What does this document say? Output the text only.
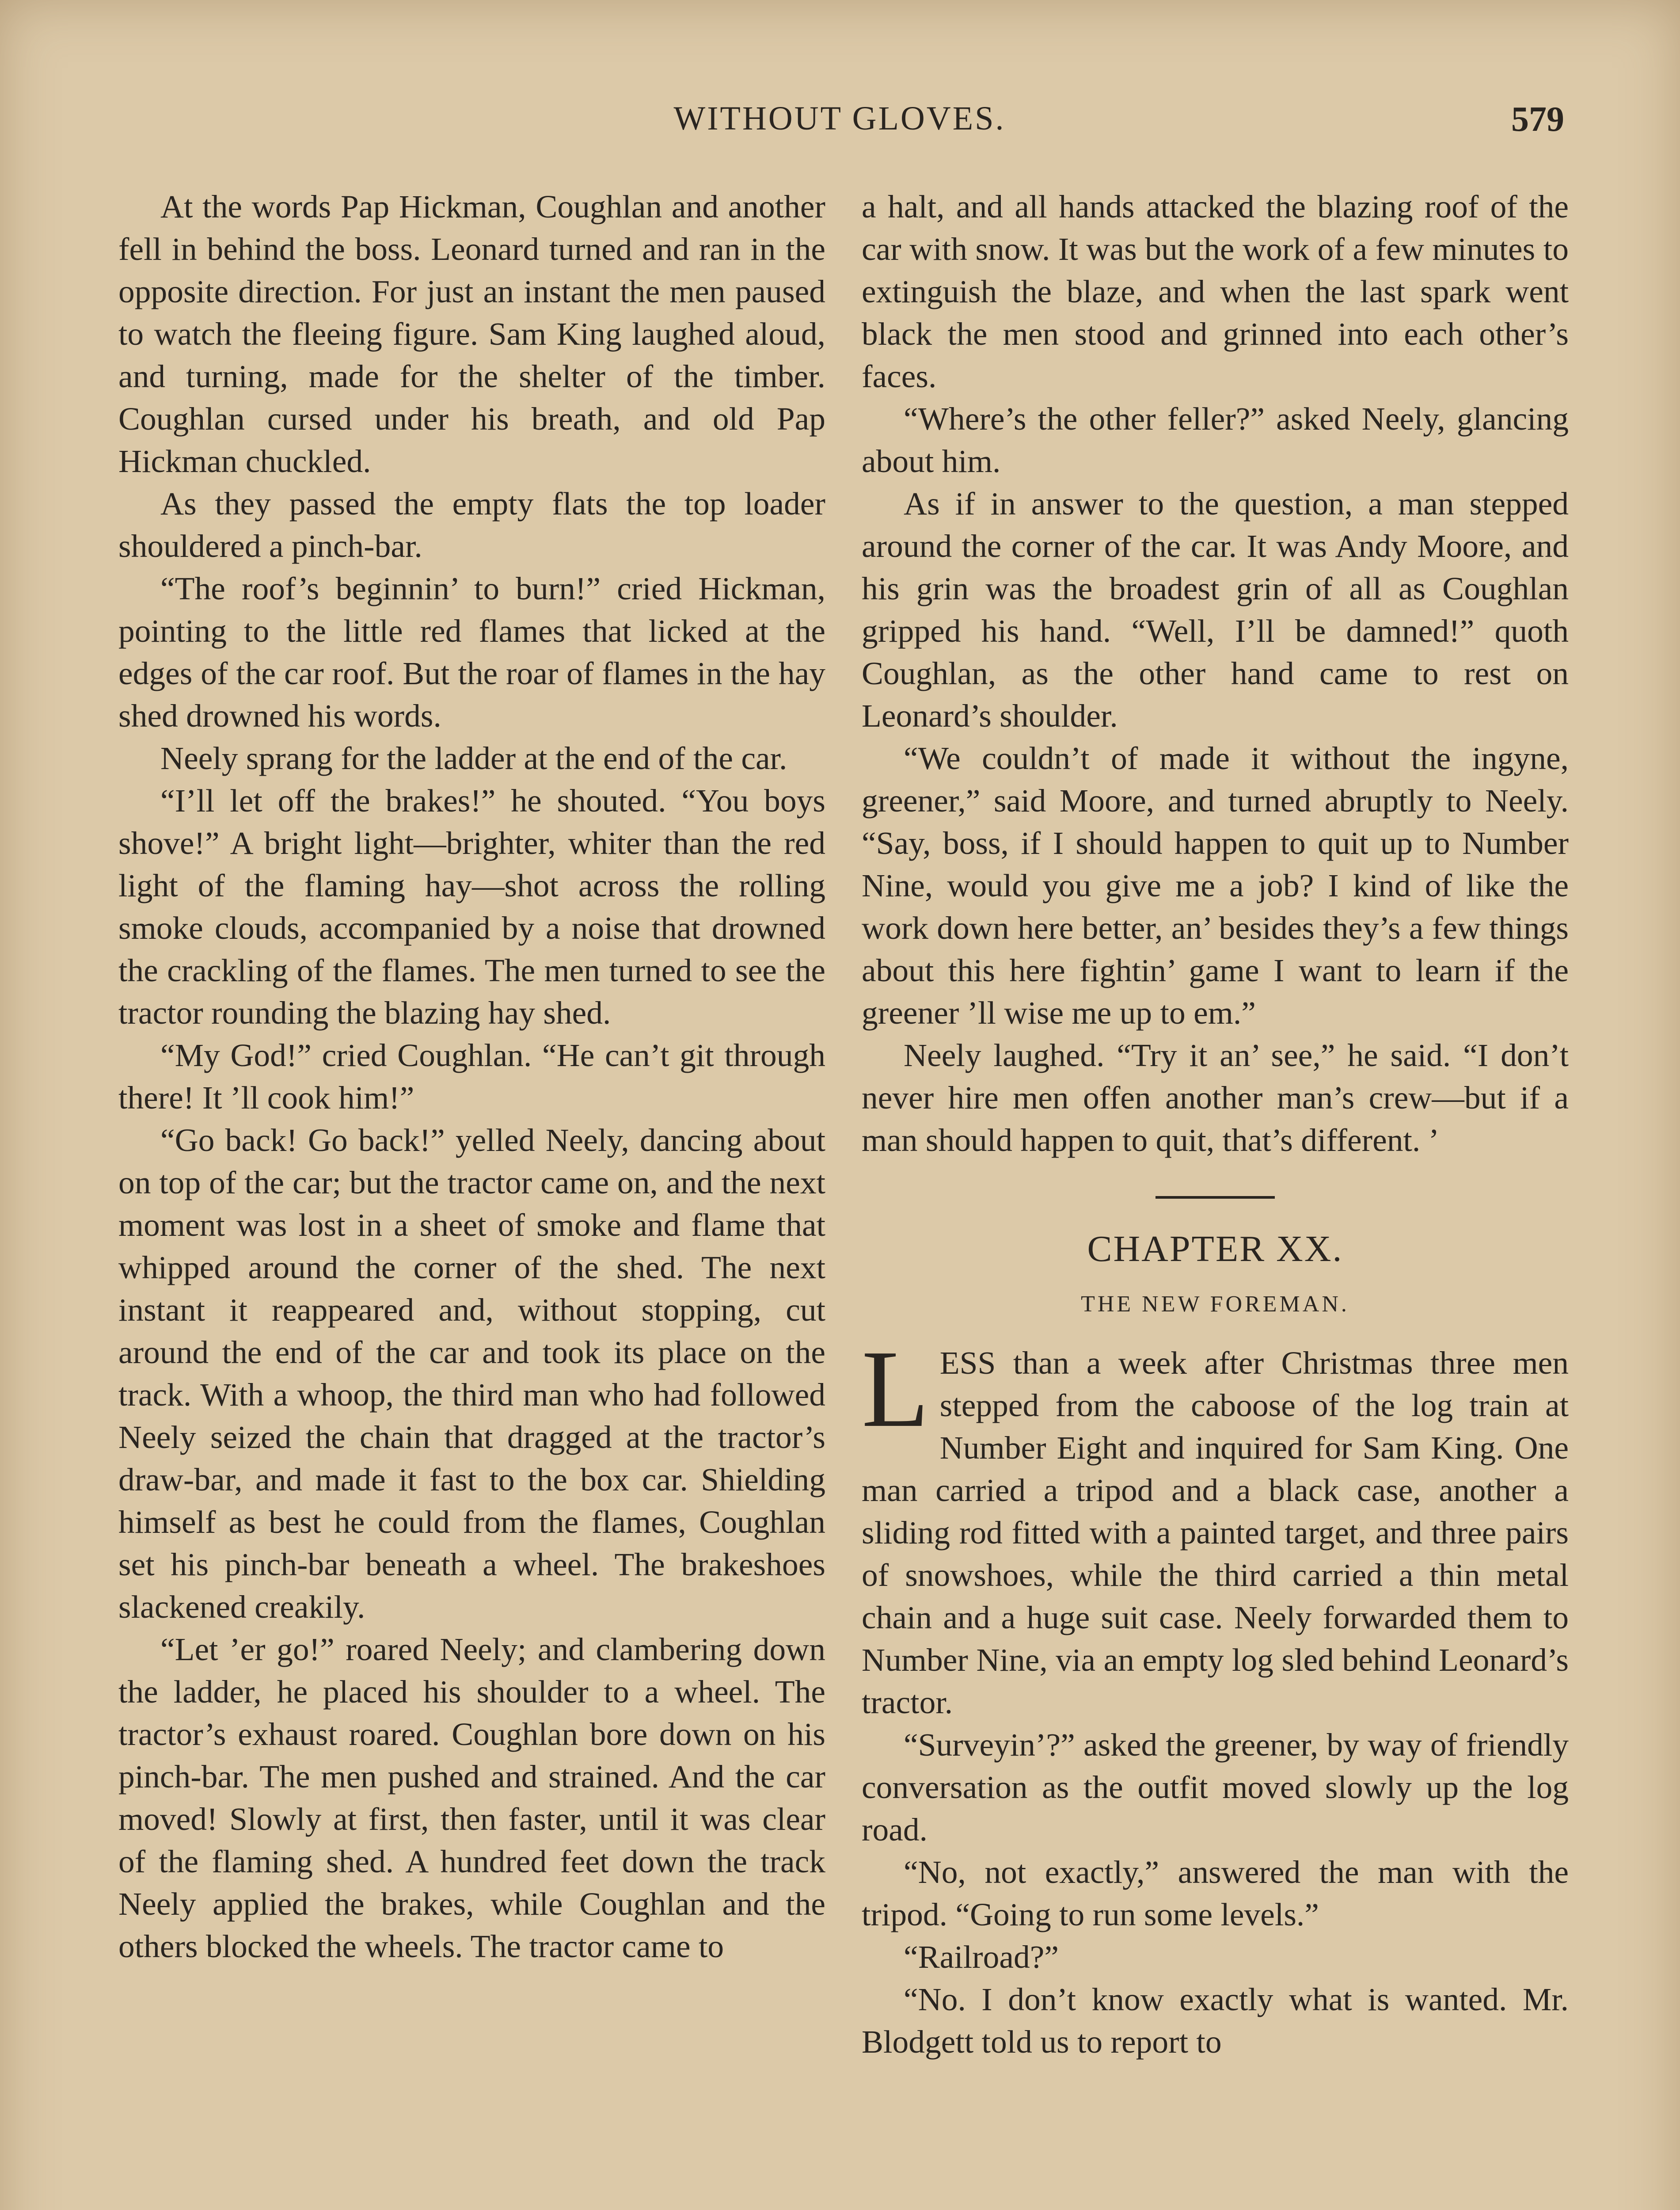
WITHOUT GLOVES.	579

At the words Pap Hickman, Coughlan and another fell in behind the boss. Leonard turned and ran in the opposite direction. For just an instant the men paused to watch the fleeing figure. Sam King laughed aloud, and turning, made for the shelter of the timber. Coughlan cursed under his breath, and old Pap Hickman chuckled.

As they passed the empty flats the top loader shouldered a pinch-bar.

“The roof’s beginnin’ to burn!” cried Hickman, pointing to the little red flames that licked at the edges of the car roof. But the roar of flames in the hay shed drowned his words.

Neely sprang for the ladder at the end of the car.

“I’ll let off the brakes!” he shouted. “You boys shove!” A bright light—brighter, whiter than the red light of the flaming hay—shot across the rolling smoke clouds, accompanied by a noise that drowned the crackling of the flames. The men turned to see the tractor rounding the blazing hay shed.

“My God!” cried Coughlan. “He can’t git through there! It ’ll cook him!”

“Go back! Go back!” yelled Neely, dancing about on top of the car; but the tractor came on, and the next moment was lost in a sheet of smoke and flame that whipped around the corner of the shed. The next instant it reappeared and, without stopping, cut around the end of the car and took its place on the track. With a whoop, the third man who had followed Neely seized the chain that dragged at the tractor’s draw-bar, and made it fast to the box car. Shielding himself as best he could from the flames, Coughlan set his pinch-bar beneath a wheel. The brakeshoes slackened creakily.

“Let ’er go!” roared Neely; and clambering down the ladder, he placed his shoulder to a wheel. The tractor’s exhaust roared. Coughlan bore down on his pinch-bar. The men pushed and strained. And the car moved! Slowly at first, then faster, until it was clear of the flaming shed. A hundred feet down the track Neely applied the brakes, while Coughlan and the others blocked the wheels. The tractor came to

a halt, and all hands attacked the blazing roof of the car with snow. It was but the work of a few minutes to extinguish the blaze, and when the last spark went black the men stood and grinned into each other’s faces.

“Where’s the other feller?” asked Neely, glancing about him.

As if in answer to the question, a man stepped around the corner of the car. It was Andy Moore, and his grin was the broadest grin of all as Coughlan gripped his hand. “Well, I’ll be damned!” quoth Coughlan, as the other hand came to rest on Leonard’s shoulder.

“We couldn’t of made it without the ingyne, greener,” said Moore, and turned abruptly to Neely. “Say, boss, if I should happen to quit up to Number Nine, would you give me a job? I kind of like the work down here better, an’ besides they’s a few things about this here fightin’ game I want to learn if the greener ’ll wise me up to em.”

Neely laughed. “Try it an’ see,” he said. “I don’t never hire men offen another man’s crew—but if a man should happen to quit, that’s different. ’

CHAPTER XX.
THE NEW FOREMAN.

LESS than a week after Christmas three men stepped from the caboose of the log train at Number Eight and inquired for Sam King. One man carried a tripod and a black case, another a sliding rod fitted with a painted target, and three pairs of snowshoes, while the third carried a thin metal chain and a huge suit case. Neely forwarded them to Number Nine, via an empty log sled behind Leonard’s tractor.

“Surveyin’?” asked the greener, by way of friendly conversation as the outfit moved slowly up the log road.

“No, not exactly,” answered the man with the tripod. “Going to run some levels.”

“Railroad?”

“No. I don’t know exactly what is wanted. Mr. Blodgett told us to report to
